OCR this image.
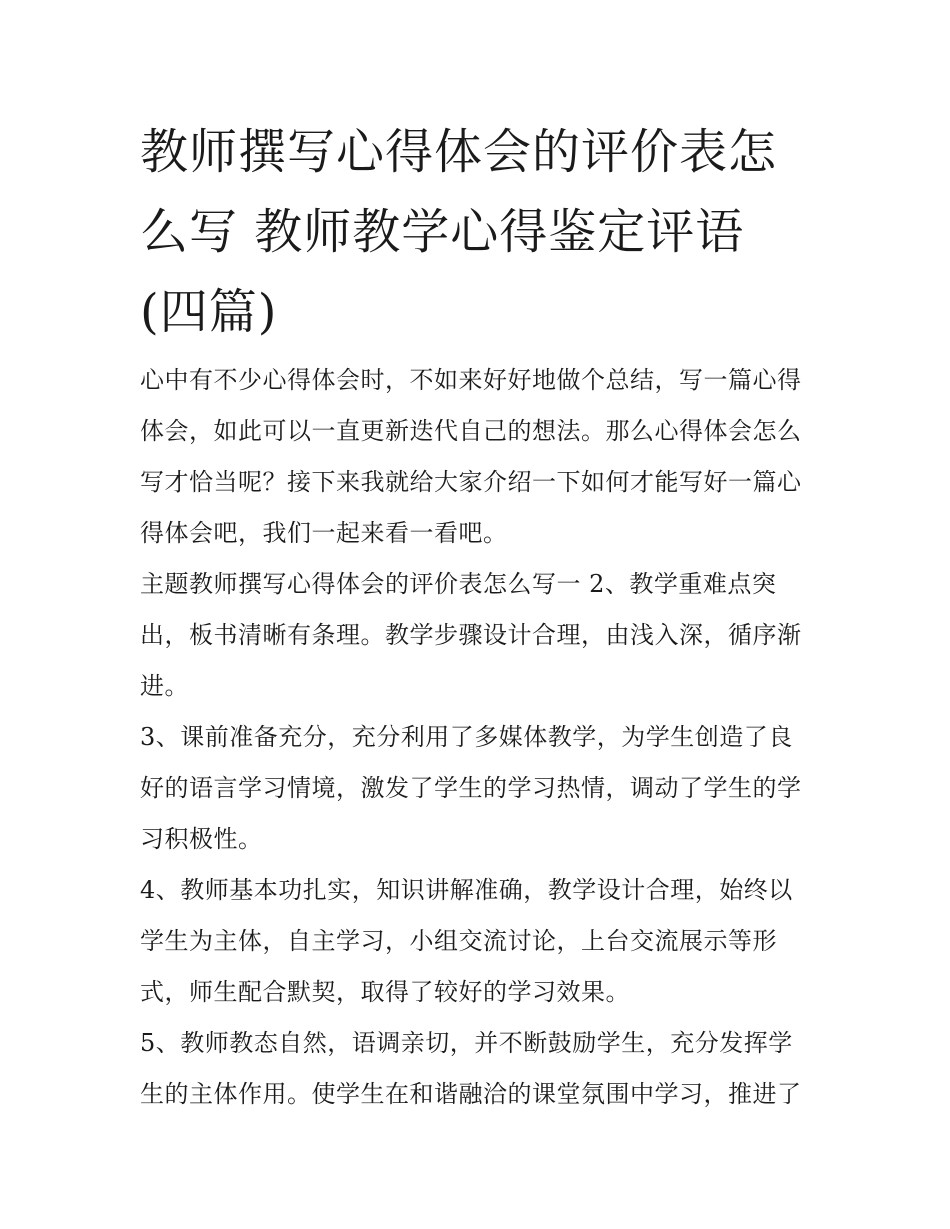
教师撰写心得体会的评价表怎
么写 教师教学心得鉴定评语
(四篇)

心中有不少心得体会时，不如来好好地做个总结，写一篇心得
体会，如此可以一直更新迭代自己的想法。那么心得体会怎么
写才恰当呢？接下来我就给大家介绍一下如何才能写好一篇心
得体会吧，我们一起来看一看吧。

主题教师撰写心得体会的评价表怎么写一 2、教学重难点突
出，板书清晰有条理。教学步骤设计合理，由浅入深，循序渐
进。

3、课前准备充分，充分利用了多媒体教学，为学生创造了良
好的语言学习情境，激发了学生的学习热情，调动了学生的学
习积极性。

4、教师基本功扎实，知识讲解准确，教学设计合理，始终以
学生为主体，自主学习，小组交流讨论，上台交流展示等形
式，师生配合默契，取得了较好的学习效果。

5、教师教态自然，语调亲切，并不断鼓励学生，充分发挥学
生的主体作用。使学生在和谐融洽的课堂氛围中学习，推进了
